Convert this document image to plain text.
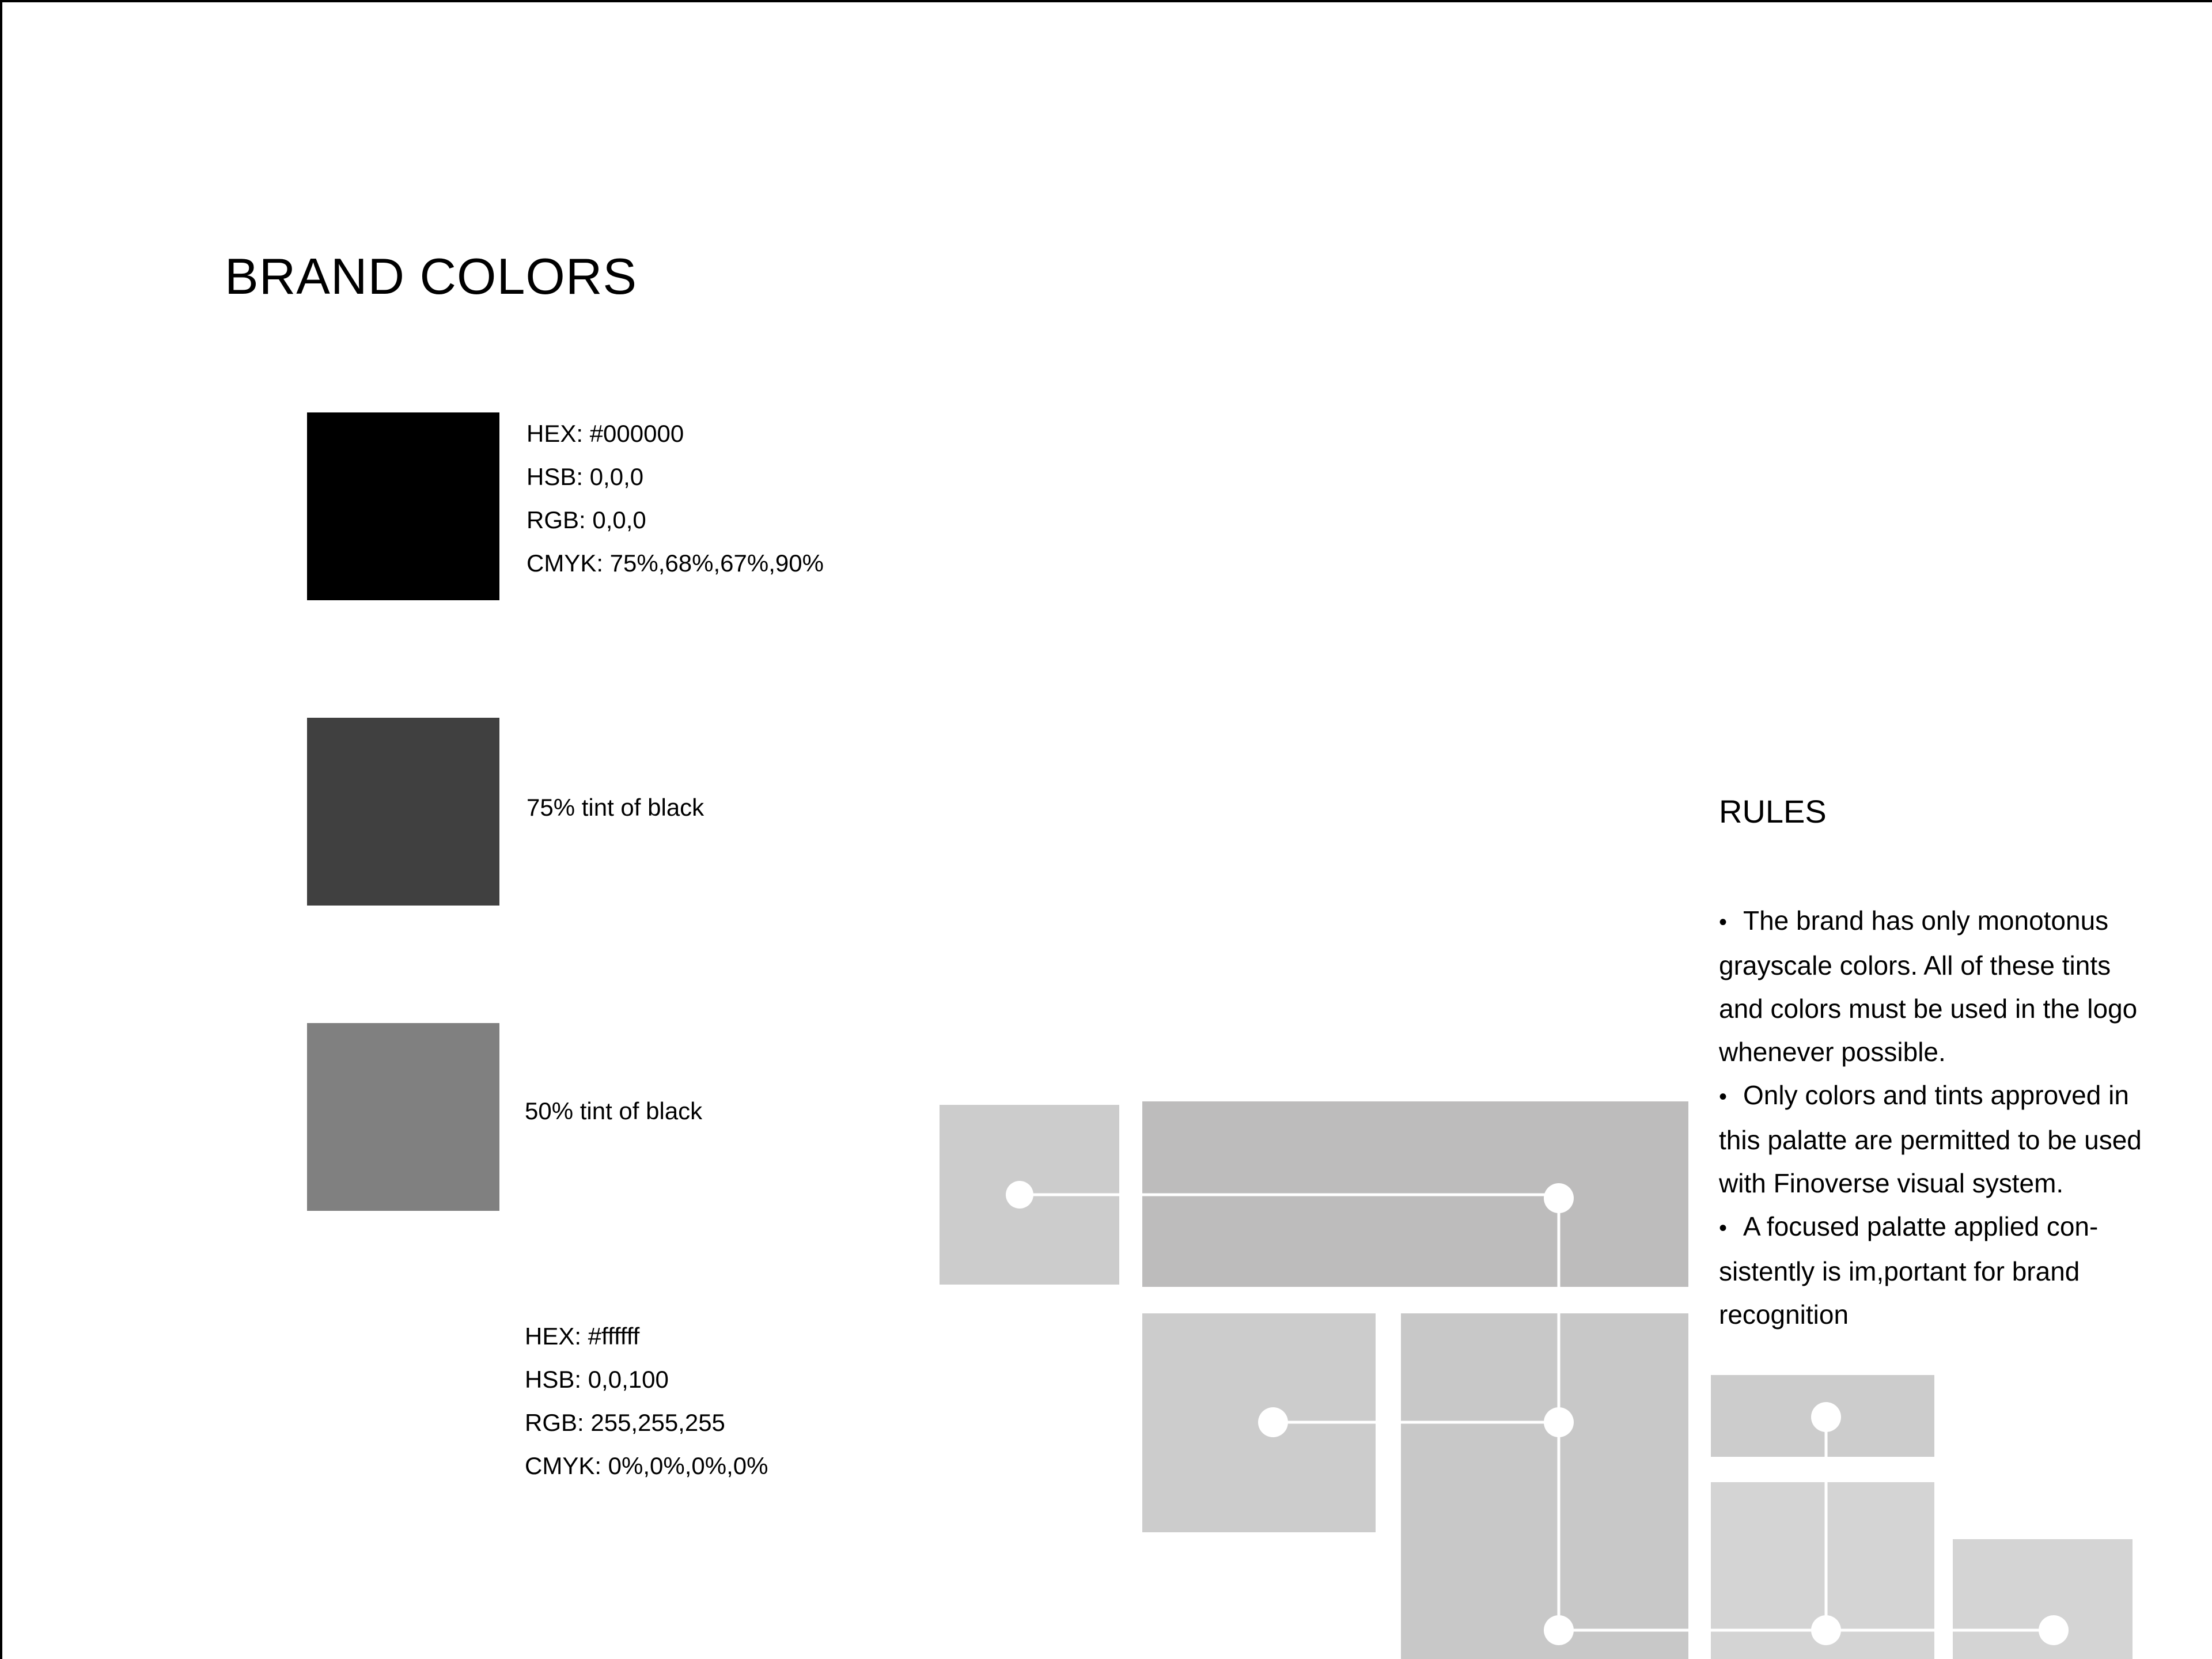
BRAND COLORS
HEX: #000000
HSB: 0,0,0
RGB: 0,0,0
CMYK: 75%,68%,67%,90%
75% tint of black
50% tint of black
HEX: #ffffff
HSB: 0,0,100
RGB: 255,255,255
CMYK: 0%,0%,0%,0%
RULES
• The brand has only monotonus grayscale colors. All of these tints and colors must be used in the logo whenever possible.
• Only colors and tints approved in this palatte are permitted to be used with Finoverse visual system.
• A focused palatte applied con-sistently is im,portant for brand recognition
